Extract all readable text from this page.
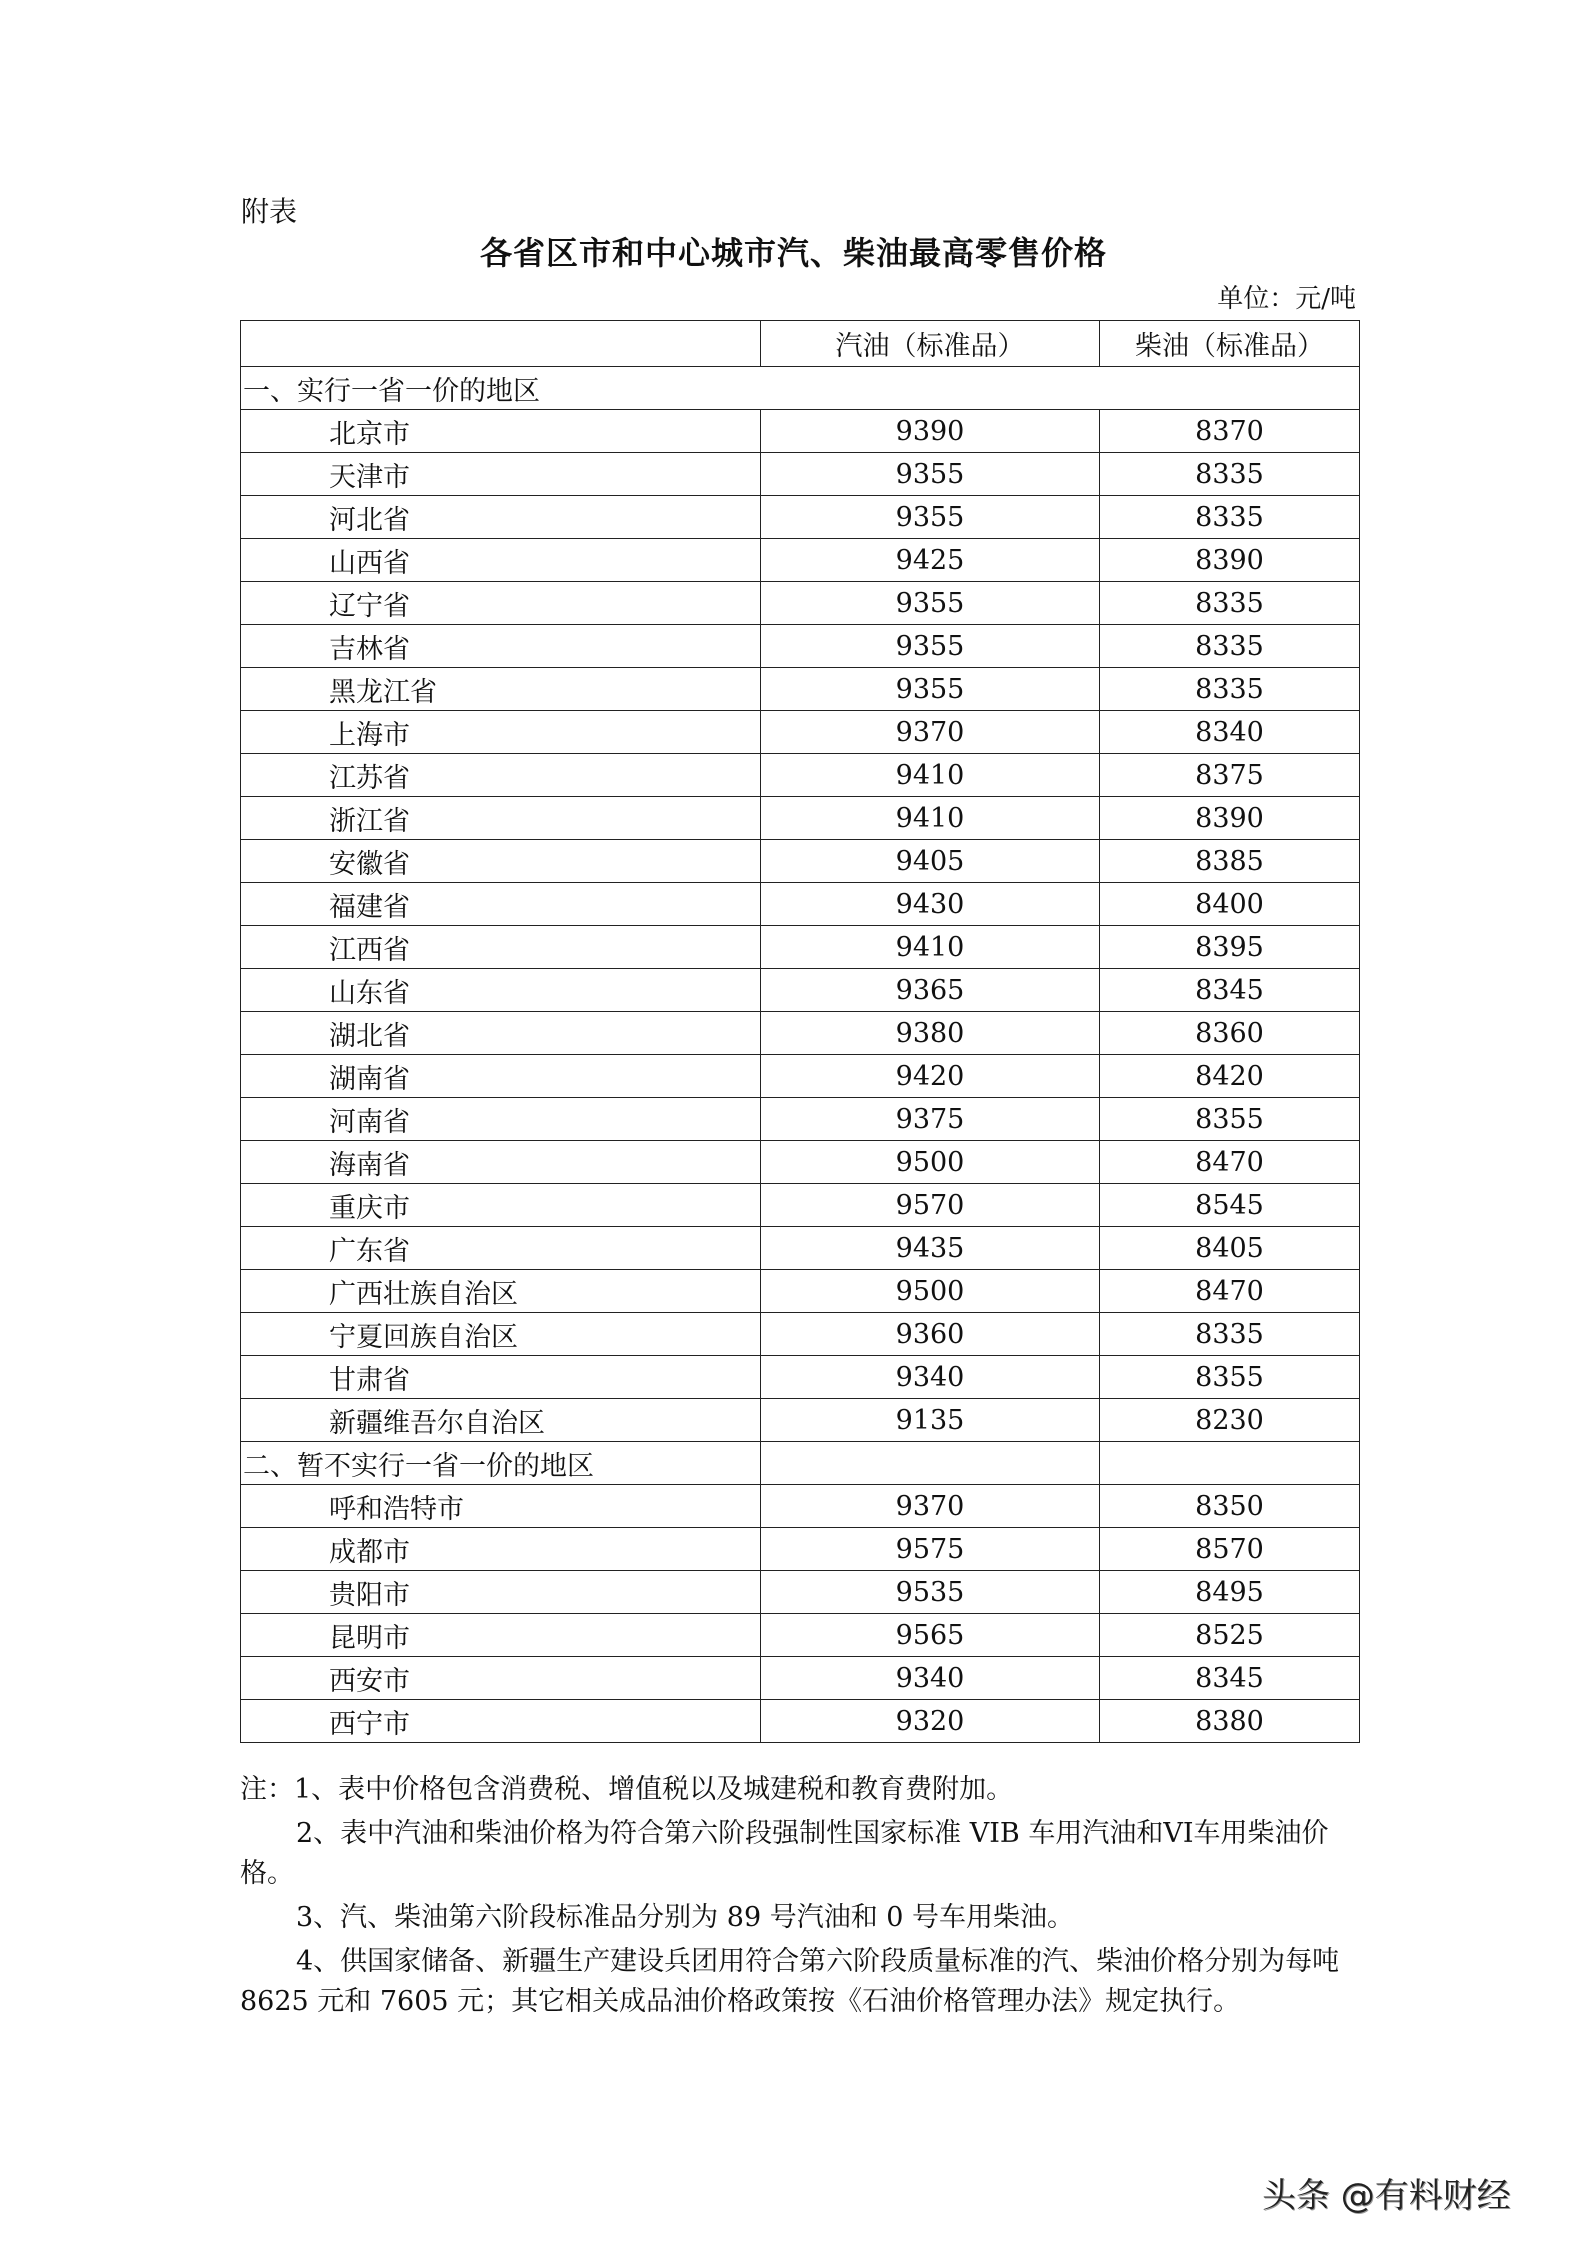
附表
各省区市和中心城市汽、柴油最高零售价格
单位：元/吨
	汽油（标准品）	柴油（标准品）
一、实行一省一价的地区		
北京市	9390	8370
天津市	9355	8335
河北省	9355	8335
山西省	9425	8390
辽宁省	9355	8335
吉林省	9355	8335
黑龙江省	9355	8335
上海市	9370	8340
江苏省	9410	8375
浙江省	9410	8390
安徽省	9405	8385
福建省	9430	8400
江西省	9410	8395
山东省	9365	8345
湖北省	9380	8360
湖南省	9420	8420
河南省	9375	8355
海南省	9500	8470
重庆市	9570	8545
广东省	9435	8405
广西壮族自治区	9500	8470
宁夏回族自治区	9360	8335
甘肃省	9340	8355
新疆维吾尔自治区	9135	8230
二、暂不实行一省一价的地区		
呼和浩特市	9370	8350
成都市	9575	8570
贵阳市	9535	8495
昆明市	9565	8525
西安市	9340	8345
西宁市	9320	8380

注：1、表中价格包含消费税、增值税以及城建税和教育费附加。

2、表中汽油和柴油价格为符合第六阶段强制性国家标准 VIB 车用汽油和VI车用柴油价格。

3、汽、柴油第六阶段标准品分别为 89 号汽油和 0 号车用柴油。

4、供国家储备、新疆生产建设兵团用符合第六阶段质量标准的汽、柴油价格分别为每吨 8625 元和 7605 元；其它相关成品油价格政策按《石油价格管理办法》规定执行。

头条 @有料财经
